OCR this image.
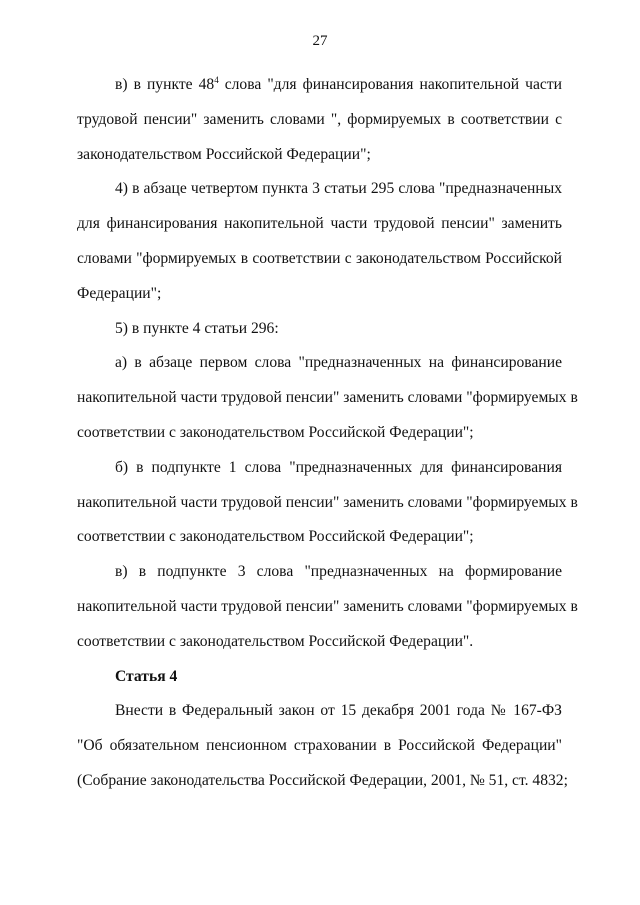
27
в) в пункте $48^4$ слова "для финансирования накопительной части
трудовой пенсии" заменить словами ", формируемых в соответствии с
законодательством Российской Федерации";
4) в абзаце четвертом пункта 3 статьи 295 слова "предназначенных
для финансирования накопительной части трудовой пенсии" заменить
словами "формируемых в соответствии с законодательством Российской
Федерации";
5) в пункте 4 статьи 296:
а) в абзаце первом слова "предназначенных на финансирование
накопительной части трудовой пенсии" заменить словами "формируемых в
соответствии с законодательством Российской Федерации";
б) в подпункте 1 слова "предназначенных для финансирования
накопительной части трудовой пенсии" заменить словами "формируемых в
соответствии с законодательством Российской Федерации";
в) в подпункте 3 слова "предназначенных на формирование
накопительной части трудовой пенсии" заменить словами "формируемых в
соответствии с законодательством Российской Федерации".
Статья 4
Внести в Федеральный закон от 15 декабря 2001 года № 167-ФЗ
"Об обязательном пенсионном страховании в Российской Федерации"
(Собрание законодательства Российской Федерации, 2001, № 51, ст. 4832;
